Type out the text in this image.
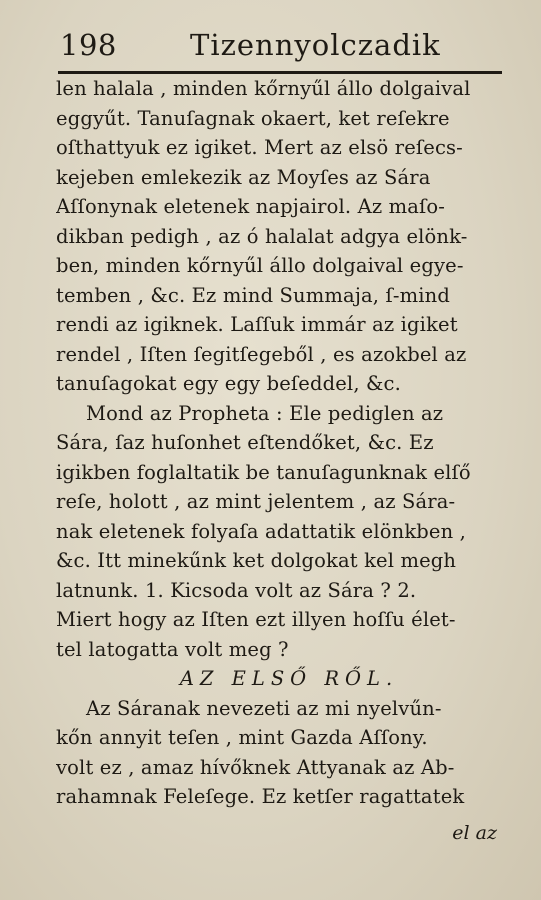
198	Tizennyolczadik
len halala , minden kőrnyűl állo dolgaival
eggyűt. Tanuſagnak okaert, ket reſekre
oſthattyuk ez igiket. Mert az elsö reſecs-
kejeben emlekezik az Moyſes az Sára
Aſſonynak eletenek napjairol. Az maſo-
dikban pedigh , az ó halalat adgya elönk-
ben, minden kőrnyűl állo dolgaival egye-
temben , &c. Ez mind Summaja, ſ-mind
rendi az igiknek. Laſſuk immár az igiket
rendel , Iſten ſegitſegeből , es azokbel az
tanuſagokat egy egy beſeddel, &c.
Mond az Propheta : Ele pediglen az
Sára, ſaz huſonhet eſtendőket, &c. Ez
igikben foglaltatik be tanuſagunknak elſő
reſe, holott , az mint jelentem , az Sára-
nak eletenek folyaſa adattatik elönkben ,
&c. Itt minekűnk ket dolgokat kel megh
latnunk. 1. Kicsoda volt az Sára ? 2.
Miert hogy az Iſten ezt illyen hoſſu élet-
tel latogatta volt meg ?
AZ ELSŐ RŐL.
Az Sáranak nevezeti az mi nyelvűn-
kőn annyit teſen , mint Gazda Aſſony.
volt ez , amaz hívőknek Attyanak az Ab-
rahamnak Feleſege. Ez ketſer ragattatek
el az
